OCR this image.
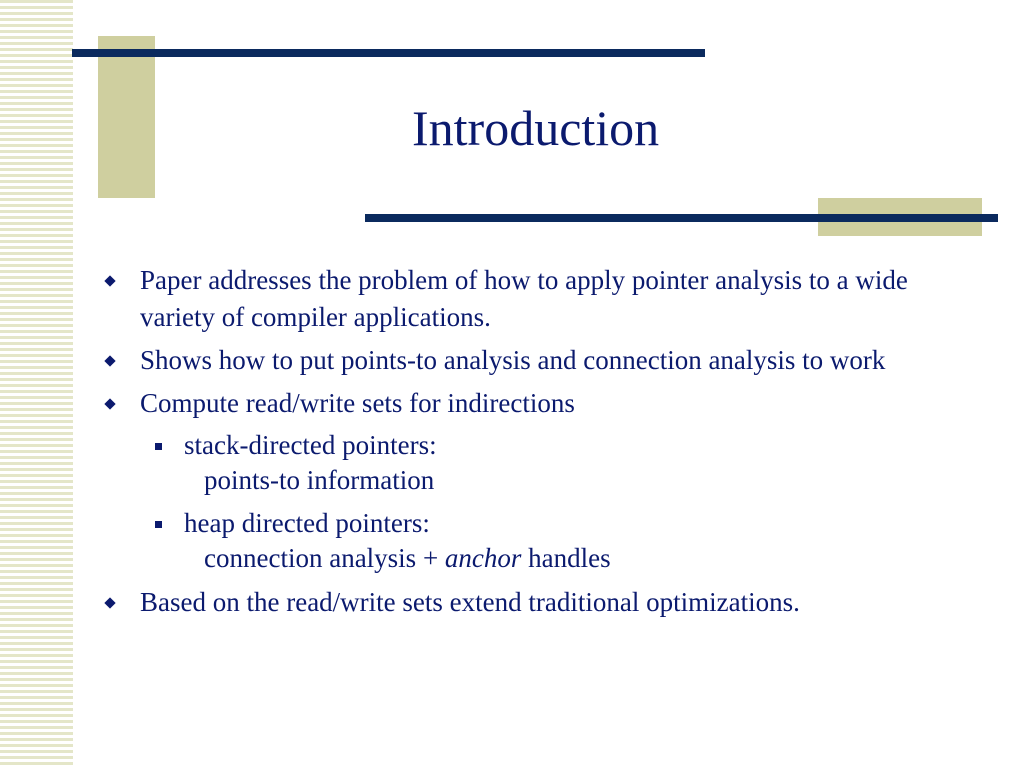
Introduction
Paper addresses the problem of how to apply pointer analysis to a wide variety of compiler applications.
Shows how to put points-to analysis and connection analysis to work
Compute read/write sets for indirections
stack-directed pointers:
points-to information
heap directed pointers:
connection analysis + anchor handles
Based on the read/write sets extend traditional optimizations.
